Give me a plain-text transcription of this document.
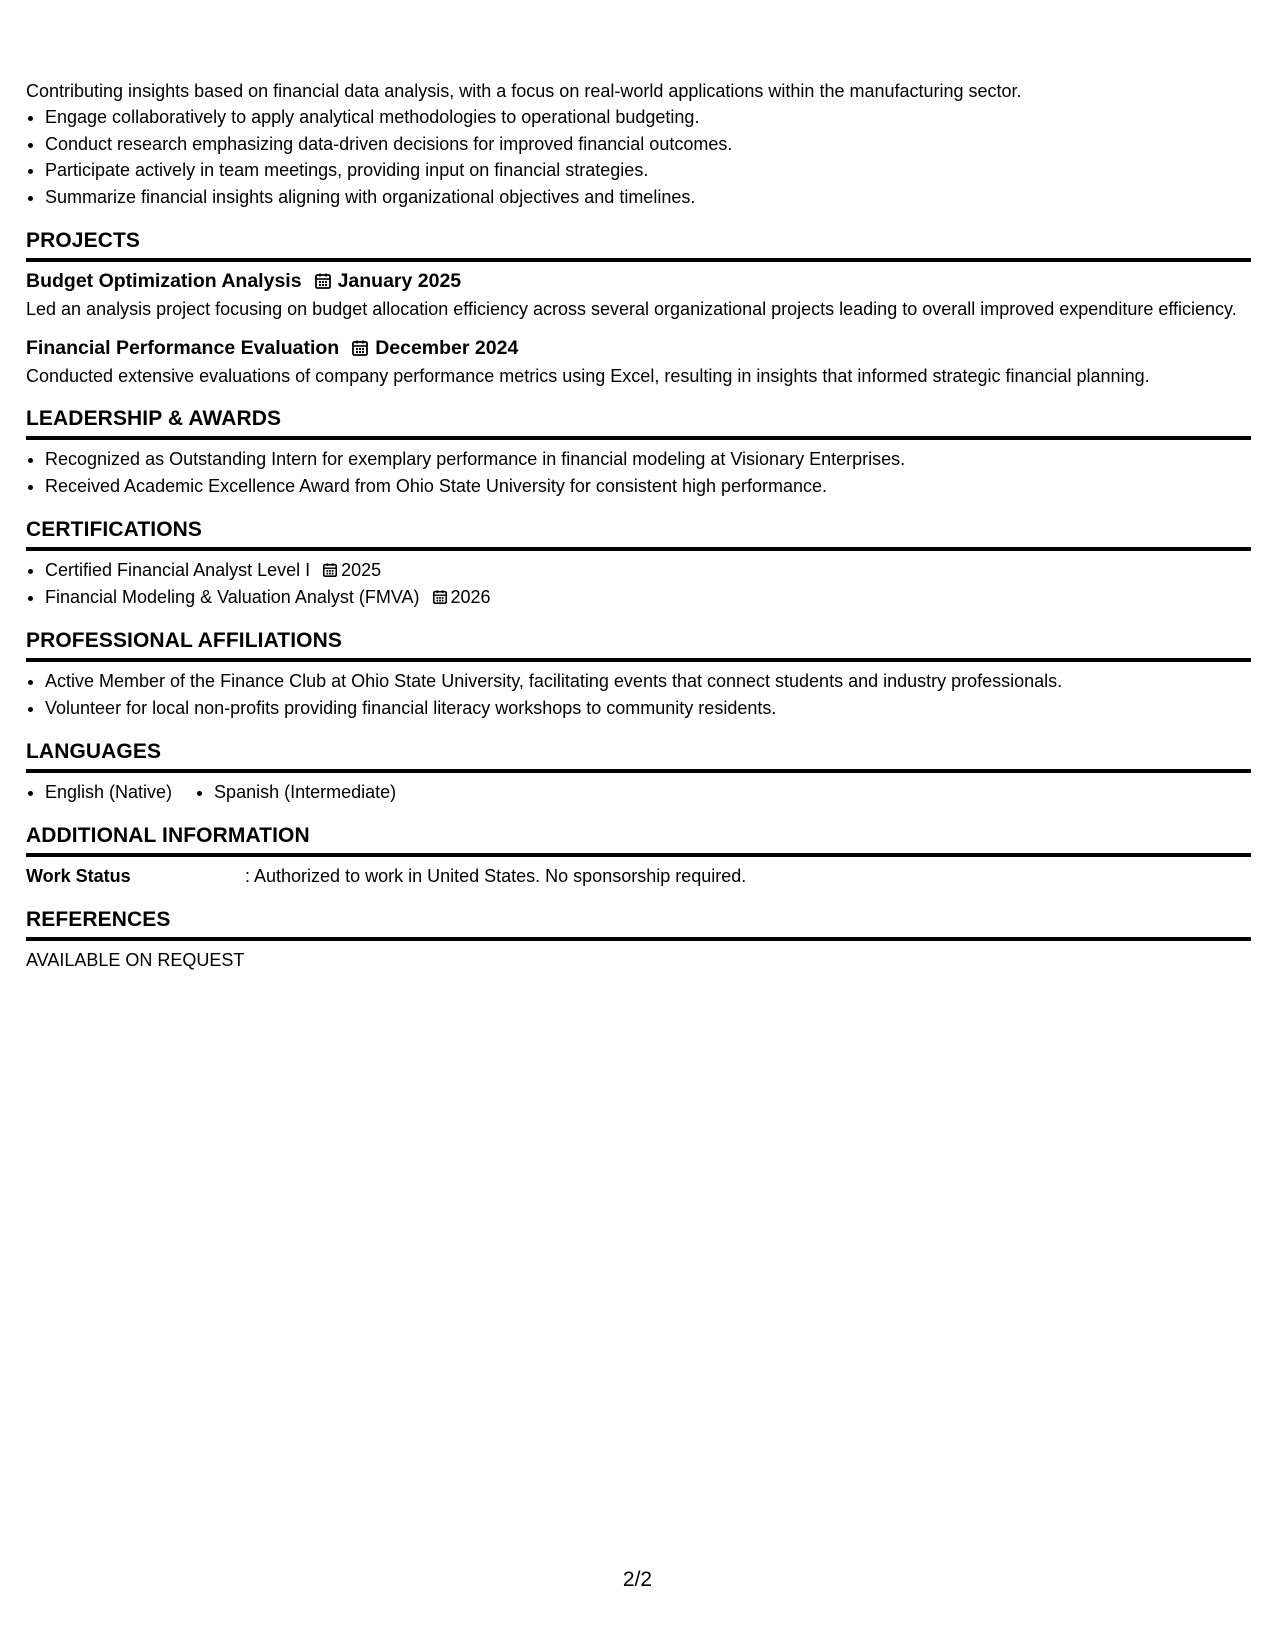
Contributing insights based on financial data analysis, with a focus on real-world applications within the manufacturing sector.

• Engage collaboratively to apply analytical methodologies to operational budgeting.
• Conduct research emphasizing data-driven decisions for improved financial outcomes.
• Participate actively in team meetings, providing input on financial strategies.
• Summarize financial insights aligning with organizational objectives and timelines.
PROJECTS
Budget Optimization Analysis January 2025

Led an analysis project focusing on budget allocation efficiency across several organizational projects leading to overall improved expenditure efficiency.

Financial Performance Evaluation December 2024

Conducted extensive evaluations of company performance metrics using Excel, resulting in insights that informed strategic financial planning.

LEADERSHIP & AWARDS
• Recognized as Outstanding Intern for exemplary performance in financial modeling at Visionary Enterprises.
• Received Academic Excellence Award from Ohio State University for consistent high performance.
CERTIFICATIONS
• Certified Financial Analyst Level I 2025
• Financial Modeling & Valuation Analyst (FMVA) 2026
PROFESSIONAL AFFILIATIONS
• Active Member of the Finance Club at Ohio State University, facilitating events that connect students and industry professionals.
• Volunteer for local non-profits providing financial literacy workshops to community residents.
LANGUAGES
• English (Native)
• Spanish (Intermediate)
ADDITIONAL INFORMATION
Work Status	: Authorized to work in United States. No sponsorship required.
REFERENCES

AVAILABLE ON REQUEST

2/2
